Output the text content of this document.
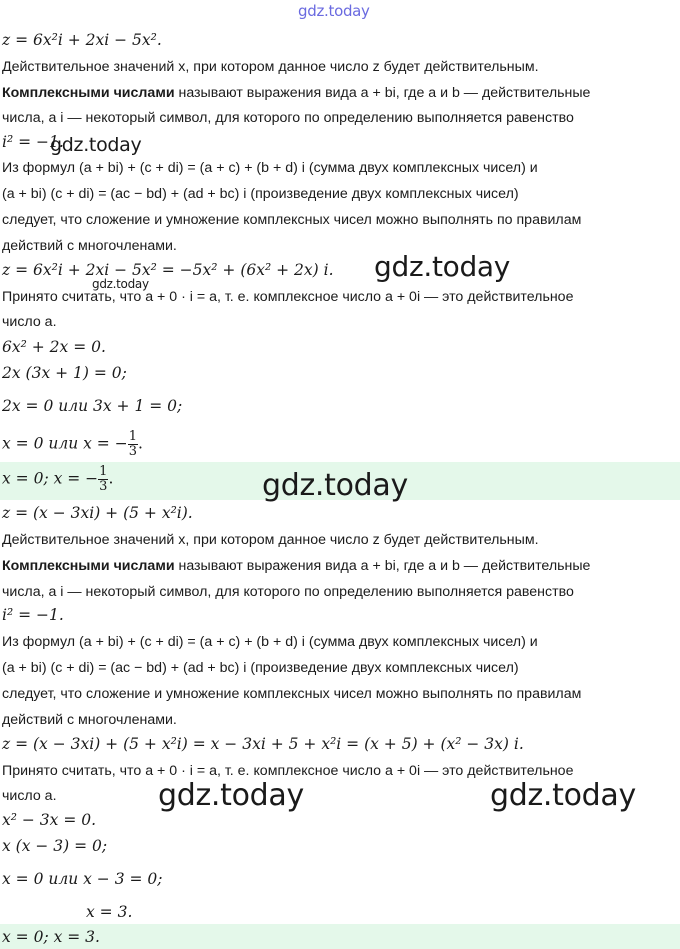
gdz.today
gdz.today
gdz.today
gdz.today
gdz.today
gdz.today	gdz.today
z = 6x²i + 2xi − 5x².
Действительное значений x, при котором данное число z будет действительным.
Комплексными числами называют выражения вида a + bi, где a и b — действительные
числа, а i — некоторый символ, для которого по определению выполняется равенство
i² = −1.
Из формул (a + bi) + (c + di) = (a + c) + (b + d) i (сумма двух комплексных чисел) и
(a + bi) (c + di) = (ac − bd) + (ad + bc) i (произведение двух комплексных чисел)
следует, что сложение и умножение комплексных чисел можно выполнять по правилам
действий с многочленами.
z = 6x²i + 2xi − 5x² = −5x² + (6x² + 2x) i.
Принято считать, что a + 0 · i = a, т. е. комплексное число a + 0i — это действительное
число a.
6x² + 2x = 0.
2x (3x + 1) = 0;
2x = 0 или 3x + 1 = 0;
x = 0 или x = − $\frac{1}{3}$ .
x = 0; x = − $\frac{1}{3}$ .
z = (x − 3xi) + (5 + x²i).
Действительное значений x, при котором данное число z будет действительным.
Комплексными числами называют выражения вида a + bi, где a и b — действительные
числа, а i — некоторый символ, для которого по определению выполняется равенство
i² = −1.
Из формул (a + bi) + (c + di) = (a + c) + (b + d) i (сумма двух комплексных чисел) и
(a + bi) (c + di) = (ac − bd) + (ad + bc) i (произведение двух комплексных чисел)
следует, что сложение и умножение комплексных чисел можно выполнять по правилам
действий с многочленами.
z = (x − 3xi) + (5 + x²i) = x − 3xi + 5 + x²i = (x + 5) + (x² − 3x) i.
Принято считать, что a + 0 · i = a, т. е. комплексное число a + 0i — это действительное
число a.
x² − 3x = 0.
x (x − 3) = 0;
x = 0 или x − 3 = 0;
x = 3.
x = 0; x = 3.
